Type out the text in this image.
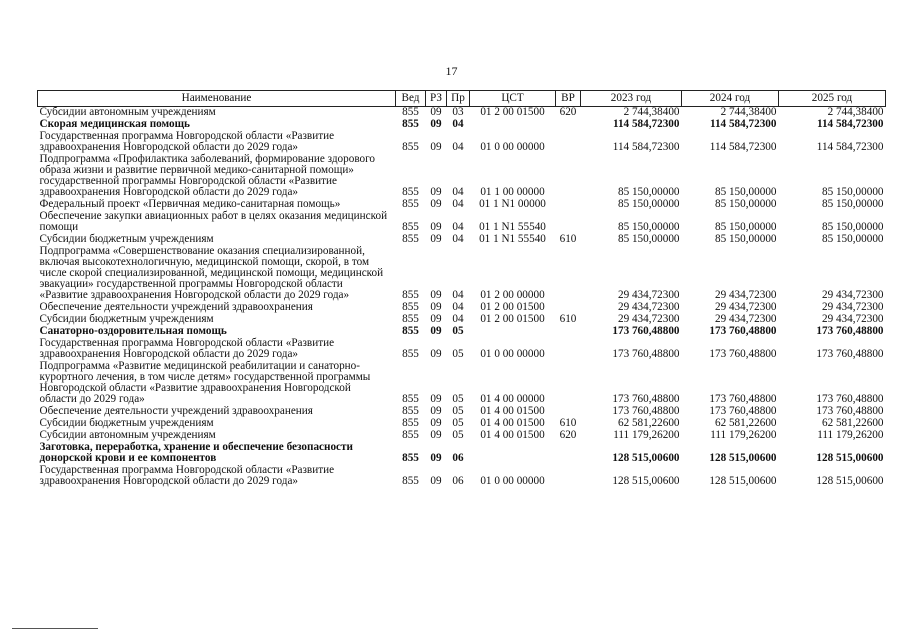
17
Наименование	Вед	РЗ	Пр	ЦСТ	ВР	2023 год	2024 год	2025 год
Субсидии автономным учреждениям	855	09	03	01 2 00 01500	620	2 744,38400	2 744,38400	2 744,38400
Скорая медицинская помощь	855	09	04			114 584,72300	114 584,72300	114 584,72300
Государственная программа Новгородской области «Развитие здравоохранения Новгородской области до 2029 года»	855	09	04	01 0 00 00000		114 584,72300	114 584,72300	114 584,72300
Подпрограмма «Профилактика заболеваний, формирование здорового образа жизни и развитие первичной медико-санитарной помощи» государственной программы Новгородской области «Развитие здравоохранения Новгородской области до 2029 года»	855	09	04	01 1 00 00000		85 150,00000	85 150,00000	85 150,00000
Федеральный проект «Первичная медико-санитарная помощь»	855	09	04	01 1 N1 00000		85 150,00000	85 150,00000	85 150,00000
Обеспечение закупки авиационных работ в целях оказания медицинской помощи	855	09	04	01 1 N1 55540		85 150,00000	85 150,00000	85 150,00000
Субсидии бюджетным учреждениям	855	09	04	01 1 N1 55540	610	85 150,00000	85 150,00000	85 150,00000
Подпрограмма «Совершенствование оказания специализированной, включая высокотехнологичную, медицинской помощи, скорой, в том числе скорой специализированной, медицинской помощи, медицинской эвакуации» государственной программы Новгородской области «Развитие здравоохранения Новгородской области до 2029 года»	855	09	04	01 2 00 00000		29 434,72300	29 434,72300	29 434,72300
Обеспечение деятельности учреждений здравоохранения	855	09	04	01 2 00 01500		29 434,72300	29 434,72300	29 434,72300
Субсидии бюджетным учреждениям	855	09	04	01 2 00 01500	610	29 434,72300	29 434,72300	29 434,72300
Санаторно-оздоровительная помощь	855	09	05			173 760,48800	173 760,48800	173 760,48800
Государственная программа Новгородской области «Развитие здравоохранения Новгородской области до 2029 года»	855	09	05	01 0 00 00000		173 760,48800	173 760,48800	173 760,48800
Подпрограмма «Развитие медицинской реабилитации и санаторно-курортного лечения, в том числе детям» государственной программы Новгородской области «Развитие здравоохранения Новгородской области до 2029 года»	855	09	05	01 4 00 00000		173 760,48800	173 760,48800	173 760,48800
Обеспечение деятельности учреждений здравоохранения	855	09	05	01 4 00 01500		173 760,48800	173 760,48800	173 760,48800
Субсидии бюджетным учреждениям	855	09	05	01 4 00 01500	610	62 581,22600	62 581,22600	62 581,22600
Субсидии автономным учреждениям	855	09	05	01 4 00 01500	620	111 179,26200	111 179,26200	111 179,26200
Заготовка, переработка, хранение и обеспечение безопасности донорской крови и ее компонентов	855	09	06			128 515,00600	128 515,00600	128 515,00600
Государственная программа Новгородской области «Развитие здравоохранения Новгородской области до 2029 года»	855	09	06	01 0 00 00000		128 515,00600	128 515,00600	128 515,00600
